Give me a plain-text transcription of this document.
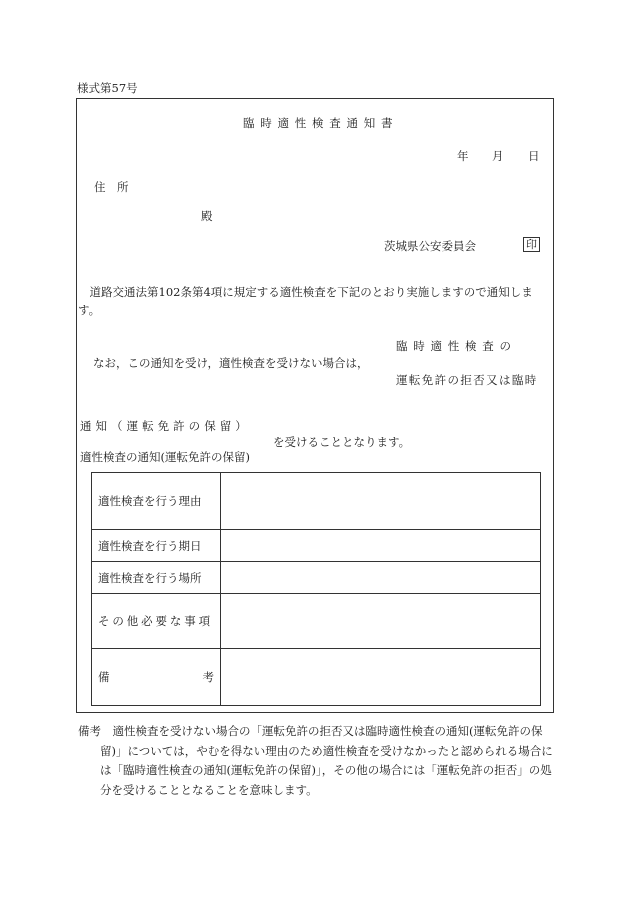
様式第57号
臨時適性検査通知書
年 月 日
住　所
殿
茨城県公安委員会	印
道路交通法第102条第4項に規定する適性検査を下記のとおり実施しますので通知します。
なお，この通知を受け，適性検査を受けない場合は，
臨時適性検査の
運転免許の拒否又は臨時
通知（運転免許の保留）
適性検査の通知(運転免許の保留)
を受けることとなります。
適性検査を行う理由	
適性検査を行う期日	
適性検査を行う場所	
その他必要な事項	

備 考	

備考　 適性検査を受けない場合の「運転免許の拒否又は臨時適性検査の通知(運転免許の保留)」については，やむを得ない理由のため適性検査を受けなかったと認められる場合には「臨時適性検査の通知(運転免許の保留)」，その他の場合には「運転免許の拒否」の処分を受けることとなることを意味します。
